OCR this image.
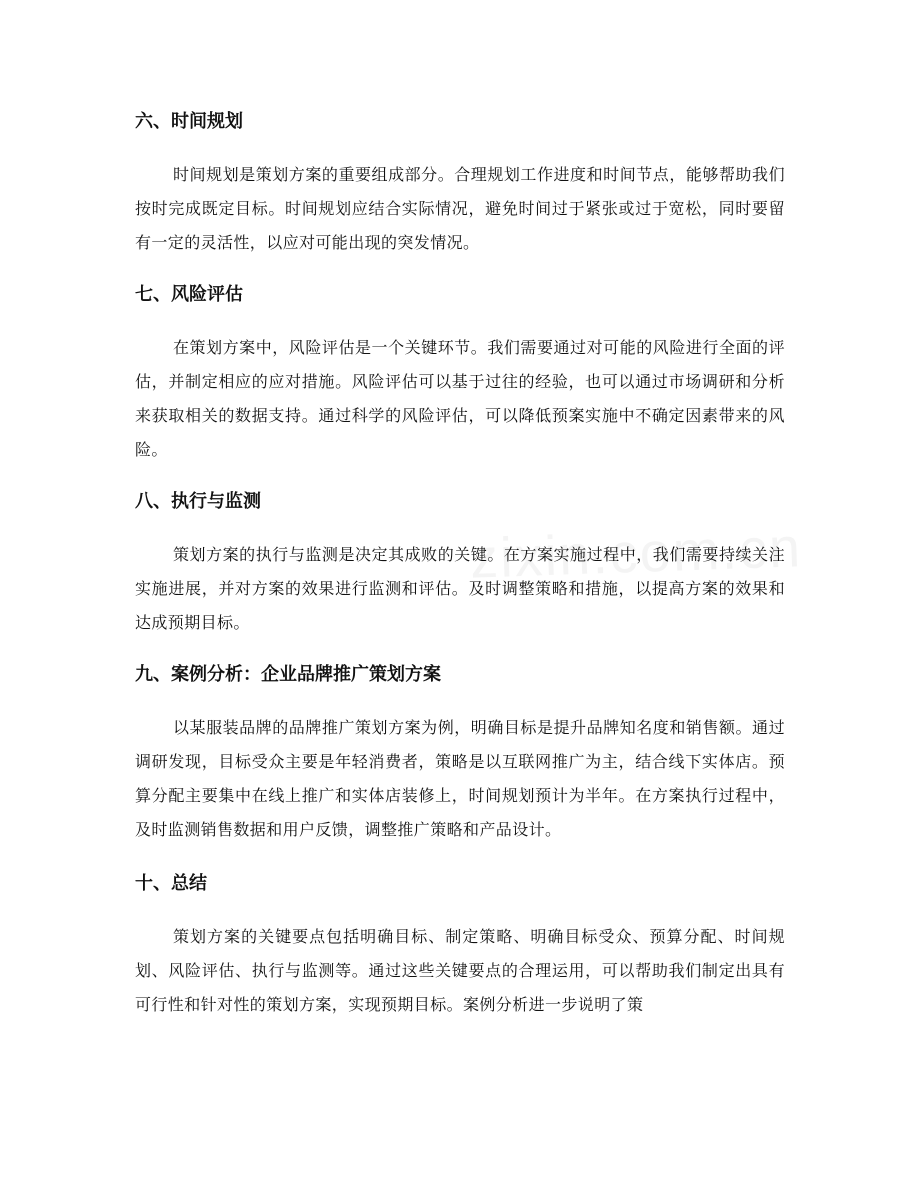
六、时间规划

时间规划是策划方案的重要组成部分。合理规划工作进度和时间节点，能够帮助我们按时完成既定目标。时间规划应结合实际情况，避免时间过于紧张或过于宽松，同时要留有一定的灵活性，以应对可能出现的突发情况。

七、风险评估

在策划方案中，风险评估是一个关键环节。我们需要通过对可能的风险进行全面的评估，并制定相应的应对措施。风险评估可以基于过往的经验，也可以通过市场调研和分析来获取相关的数据支持。通过科学的风险评估，可以降低预案实施中不确定因素带来的风险。

八、执行与监测

策划方案的执行与监测是决定其成败的关键。在方案实施过程中，我们需要持续关注实施进展，并对方案的效果进行监测和评估。及时调整策略和措施，以提高方案的效果和达成预期目标。

九、案例分析：企业品牌推广策划方案

以某服装品牌的品牌推广策划方案为例，明确目标是提升品牌知名度和销售额。通过调研发现，目标受众主要是年轻消费者，策略是以互联网推广为主，结合线下实体店。预算分配主要集中在线上推广和实体店装修上，时间规划预计为半年。在方案执行过程中，及时监测销售数据和用户反馈，调整推广策略和产品设计。

十、总结

策划方案的关键要点包括明确目标、制定策略、明确目标受众、预算分配、时间规划、风险评估、执行与监测等。通过这些关键要点的合理运用，可以帮助我们制定出具有可行性和针对性的策划方案，实现预期目标。案例分析进一步说明了策
